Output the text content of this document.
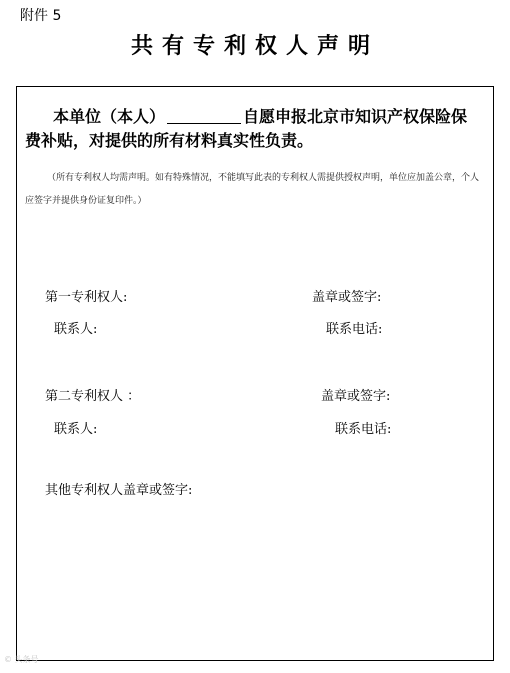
附件 5
共有专利权人声明
本单位（本人）	自愿申报北京市知识产权保险保费补贴，对提供的所有材料真实性负责。
（所有专利权人均需声明。如有特殊情况，不能填写此表的专利权人需提供授权声明，单位应加盖公章，个人应签字并提供身份证复印件。）
第一专利权人:	盖章或签字:
联系人:	联系电话:
第二专利权人 ：	盖章或签字:
联系人:	联系电话:
其他专利权人盖章或签字:
© 头条号
